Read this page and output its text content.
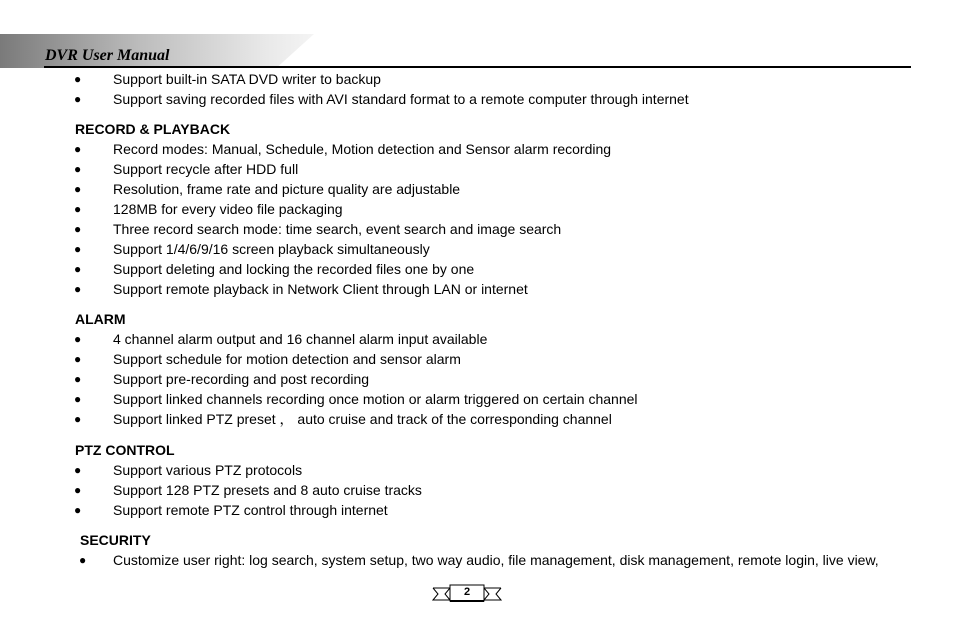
DVR User Manual
● Support built-in SATA DVD writer to backup
● Support saving recorded files with AVI standard format to a remote computer through internet
RECORD & PLAYBACK
● Record modes: Manual, Schedule, Motion detection and Sensor alarm recording
● Support recycle after HDD full
● Resolution, frame rate and picture quality are adjustable
● 128MB for every video file packaging
● Three record search mode: time search, event search and image search
● Support 1/4/6/9/16 screen playback simultaneously
● Support deleting and locking the recorded files one by one
● Support remote playback in Network Client through LAN or internet
ALARM
● 4 channel alarm output and 16 channel alarm input available
● Support schedule for motion detection and sensor alarm
● Support pre-recording and post recording
● Support linked channels recording once motion or alarm triggered on certain channel
● Support linked PTZ preset ， auto cruise and track of the corresponding channel
PTZ CONTROL
● Support various PTZ protocols
● Support 128 PTZ presets and 8 auto cruise tracks
● Support remote PTZ control through internet
SECURITY
● Customize user right: log search, system setup, two way audio, file management, disk management, remote login, live view,
2
